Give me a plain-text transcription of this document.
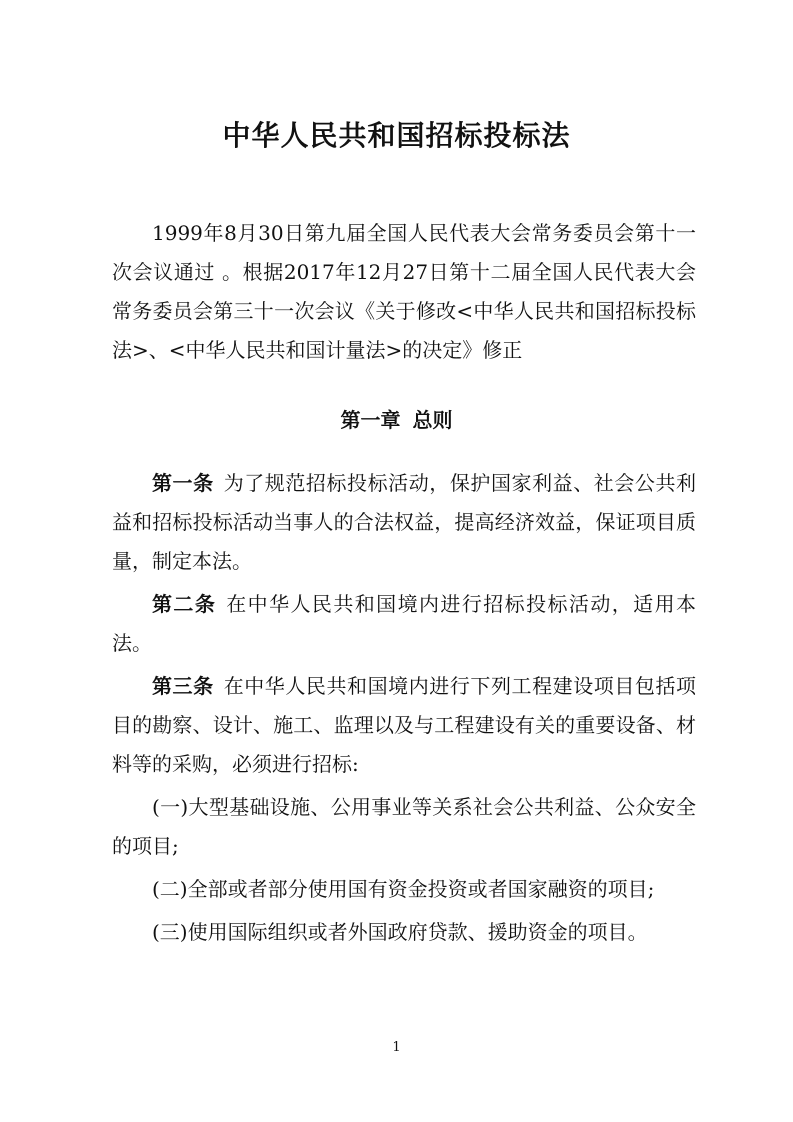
中华人民共和国招标投标法

1999年8月30日第九届全国人民代表大会常务委员会第十一次会议通过 。根据2017年12月27日第十二届全国人民代表大会常务委员会第三十一次会议《关于修改<中华人民共和国招标投标法>、<中华人民共和国计量法>的决定》修正

第一章 总则

第一条 为了规范招标投标活动，保护国家利益、社会公共利益和招标投标活动当事人的合法权益，提高经济效益，保证项目质量，制定本法。

第二条 在中华人民共和国境内进行招标投标活动，适用本法。

第三条 在中华人民共和国境内进行下列工程建设项目包括项目的勘察、设计、施工、监理以及与工程建设有关的重要设备、材料等的采购，必须进行招标:

(一)大型基础设施、公用事业等关系社会公共利益、公众安全的项目;

(二)全部或者部分使用国有资金投资或者国家融资的项目;

(三)使用国际组织或者外国政府贷款、援助资金的项目。

1
